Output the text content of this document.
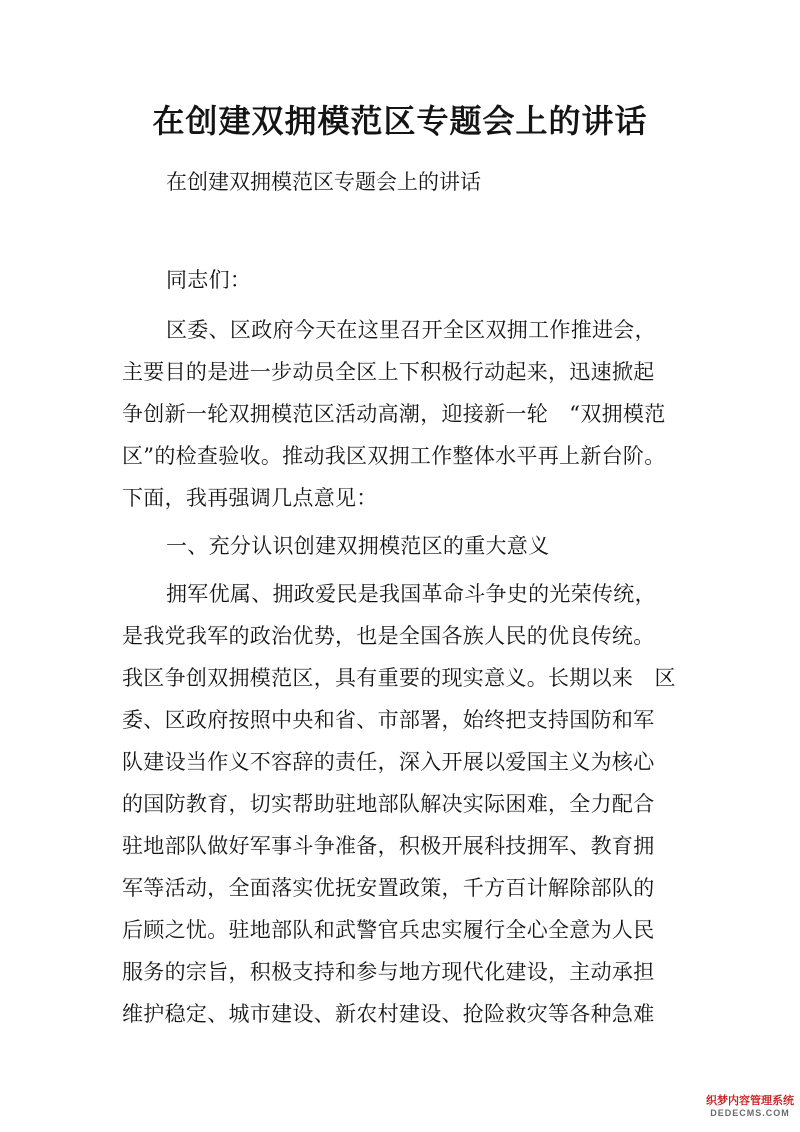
在创建双拥模范区专题会上的讲话

在创建双拥模范区专题会上的讲话

同志们：

区委、区政府今天在这里召开全区双拥工作推进会，

主要目的是进一步动员全区上下积极行动起来，迅速掀起

争创新一轮双拥模范区活动高潮，迎接新一轮　“双拥模范

区”的检查验收。推动我区双拥工作整体水平再上新台阶。

下面，我再强调几点意见：

一、充分认识创建双拥模范区的重大意义

拥军优属、拥政爱民是我国革命斗争史的光荣传统，

是我党我军的政治优势，也是全国各族人民的优良传统。

我区争创双拥模范区，具有重要的现实意义。长期以来　区

委、区政府按照中央和省、市部署，始终把支持国防和军

队建设当作义不容辞的责任，深入开展以爱国主义为核心

的国防教育，切实帮助驻地部队解决实际困难，全力配合

驻地部队做好军事斗争准备，积极开展科技拥军、教育拥

军等活动，全面落实优抚安置政策，千方百计解除部队的

后顾之忧。驻地部队和武警官兵忠实履行全心全意为人民

服务的宗旨，积极支持和参与地方现代化建设，主动承担

维护稳定、城市建设、新农村建设、抢险救灾等各种急难

织梦内容管理系统
DEDECMS.COM
